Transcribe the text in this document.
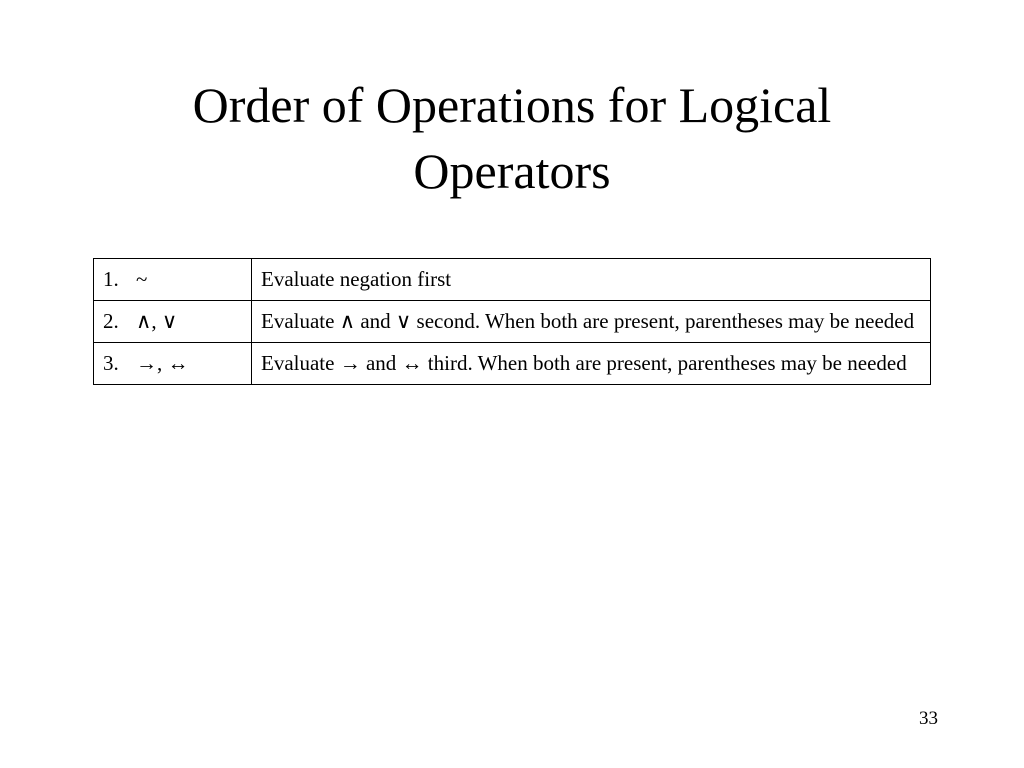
Order of Operations for Logical
Operators
1. ~	Evaluate negation first
2. ∧, ∨	Evaluate ∧ and ∨ second. When both are present, parentheses may be needed
3. →, ↔	Evaluate → and ↔ third. When both are present, parentheses may be needed
33
